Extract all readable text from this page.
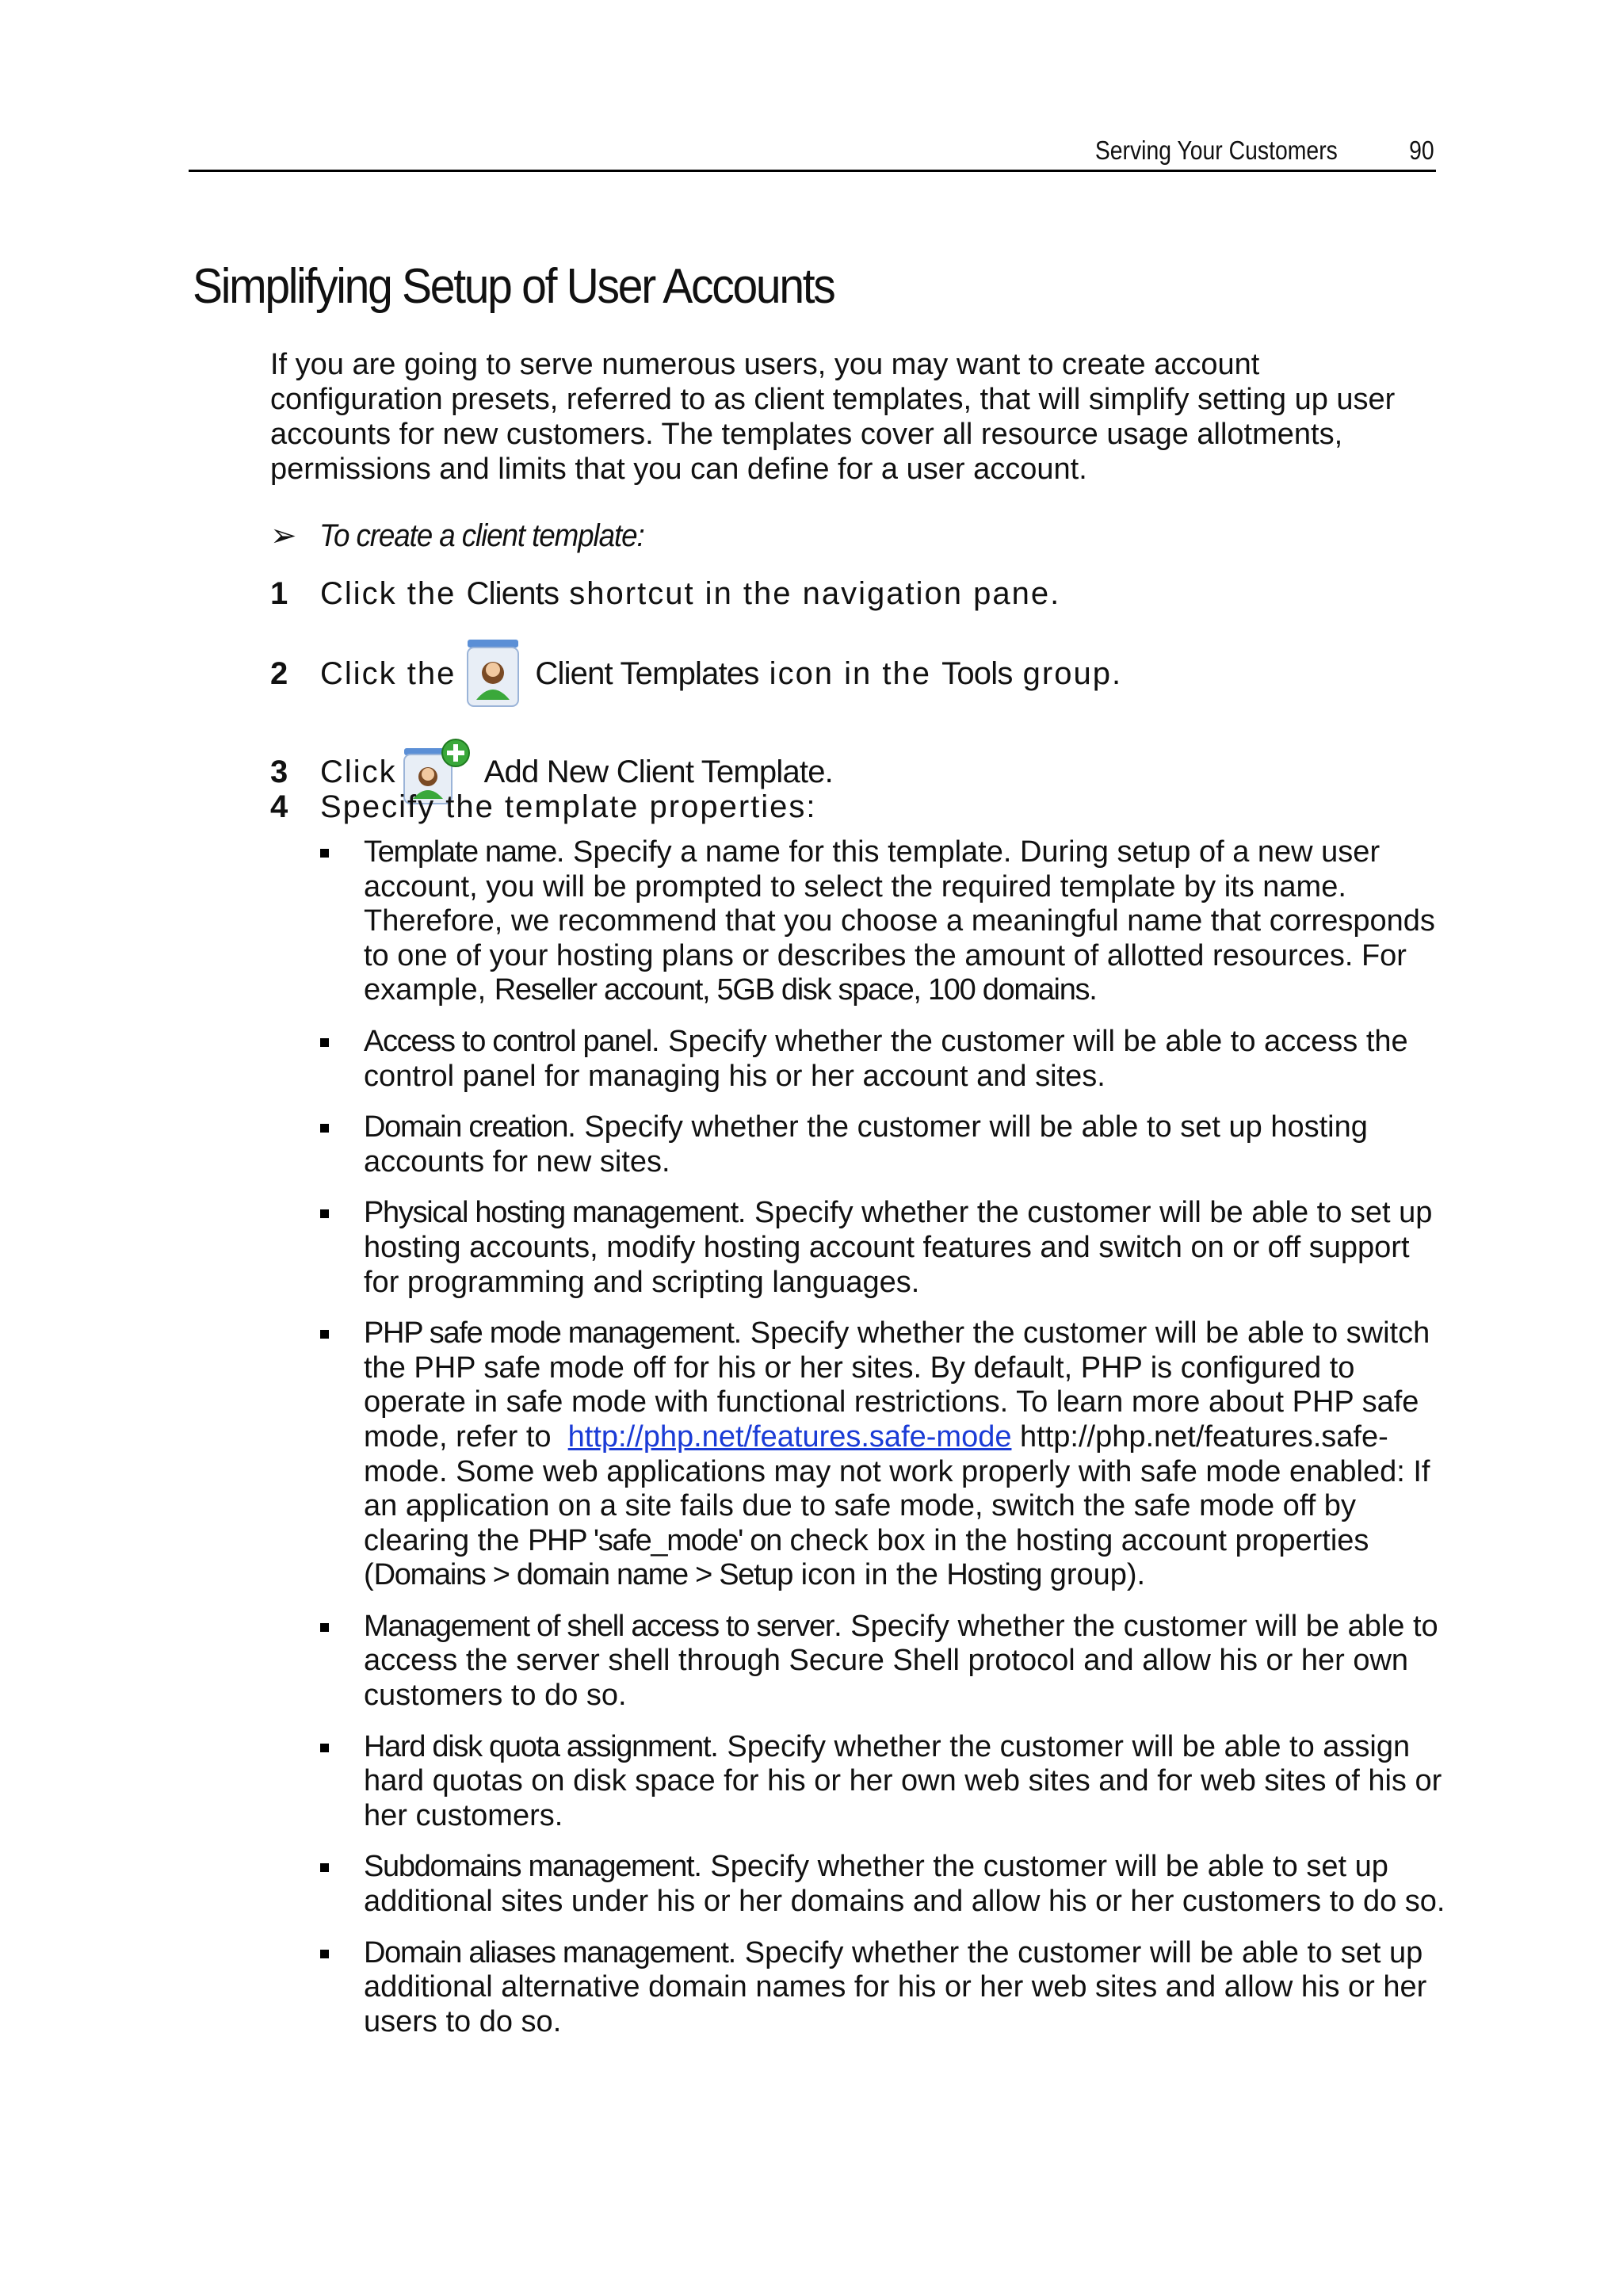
Serving Your Customers	90
Simplifying Setup of User Accounts

If you are going to serve numerous users, you may want to create account configuration presets, referred to as client templates, that will simplify setting up user accounts for new customers. The templates cover all resource usage allotments, permissions and limits that you can define for a user account.

➢ To create a client template:
1	Click the Clients shortcut in the navigation pane.
2	Click the	Client Templates icon in the Tools group.
3	Click	Add New Client Template .
4	Specify the template properties:
Template name. Specify a name for this template. During setup of a new user account, you will be prompted to select the required template by its name. Therefore, we recommend that you choose a meaningful name that corresponds to one of your hosting plans or describes the amount of allotted resources. For example, Reseller account, 5GB disk space, 100 domains.
Access to control panel. Specify whether the customer will be able to access the control panel for managing his or her account and sites.
Domain creation. Specify whether the customer will be able to set up hosting accounts for new sites.
Physical hosting management. Specify whether the customer will be able to set up hosting accounts, modify hosting account features and switch on or off support for programming and scripting languages.
PHP safe mode management. Specify whether the customer will be able to switch the PHP safe mode off for his or her sites. By default, PHP is configured to operate in safe mode with functional restrictions. To learn more about PHP safe mode, refer to  http://php.net/features.safe-mode http://php.net/features.safe-mode. Some web applications may not work properly with safe mode enabled: If an application on a site fails due to safe mode, switch the safe mode off by clearing the PHP 'safe_mode' on check box in the hosting account properties (Domains > domain name > Setup icon in the Hosting group).
Management of shell access to server. Specify whether the customer will be able to access the server shell through Secure Shell protocol and allow his or her own customers to do so.
Hard disk quota assignment. Specify whether the customer will be able to assign hard quotas on disk space for his or her own web sites and for web sites of his or her customers.
Subdomains management. Specify whether the customer will be able to set up additional sites under his or her domains and allow his or her customers to do so.
Domain aliases management. Specify whether the customer will be able to set up additional alternative domain names for his or her web sites and allow his or her users to do so.
